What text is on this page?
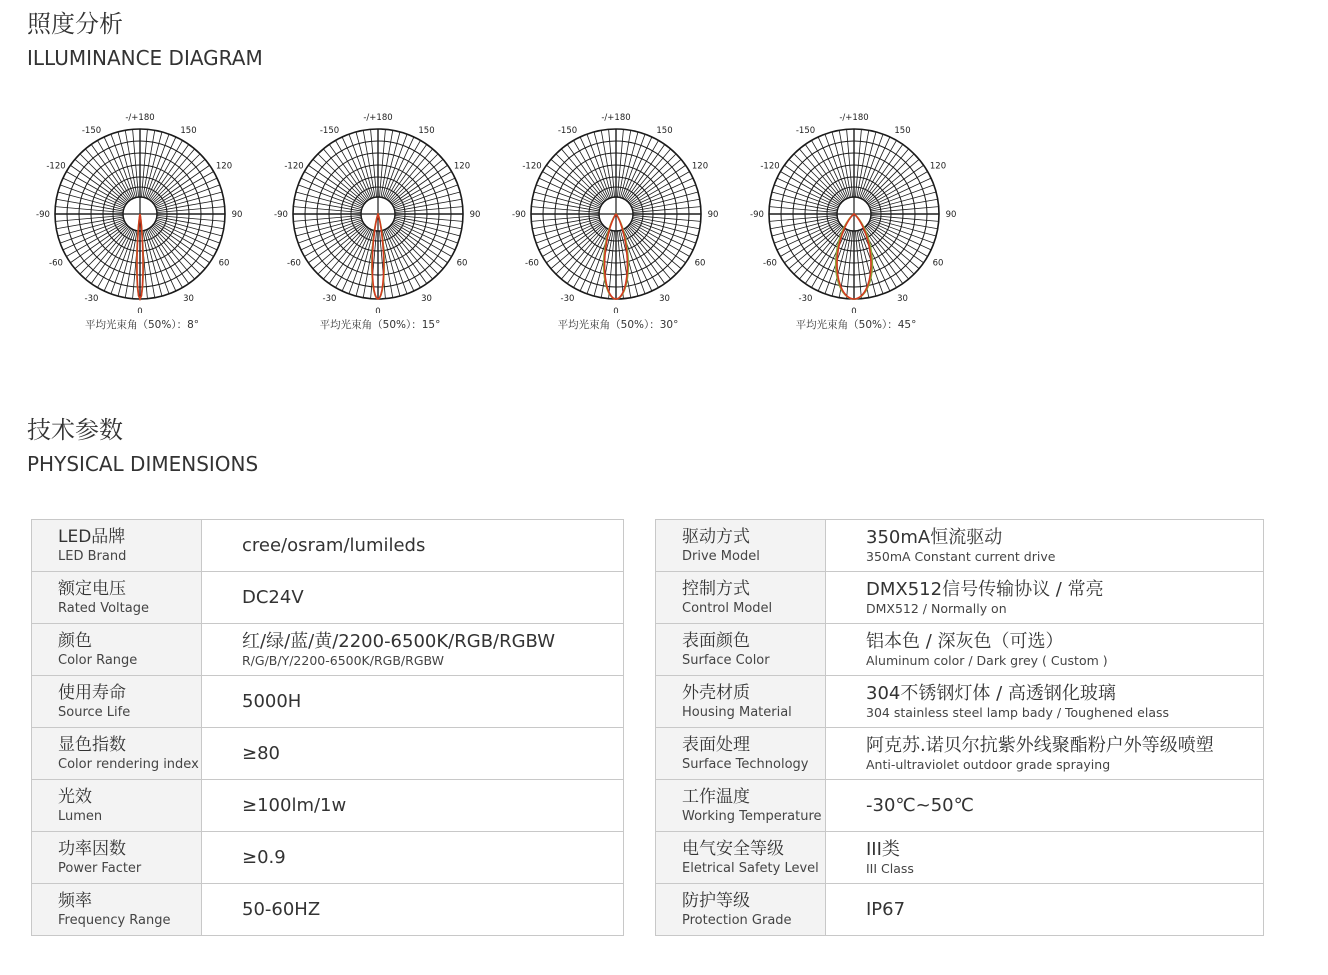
照度分析
ILLUMINANCE DIAGRAM
-/+180
150
-150
120
-120
90
-90
60
-60
30
-30
0
平均光束角（50%）：8°
-/+180
150
-150
120
-120
90
-90
60
-60
30
-30
0
平均光束角（50%）：15°
-/+180
150
-150
120
-120
90
-90
60
-60
30
-30
0
平均光束角（50%）：30°
-/+180
150
-150
120
-120
90
-90
60
-60
30
-30
0
平均光束角（50%）：45°
技术参数
PHYSICAL DIMENSIONS
LED品牌
LED Brand	cree/osram/lumileds

额定电压
Rated Voltage	DC24V

颜色
Color Range	红/绿/蓝/黄/2200-6500K/RGB/RGBW
R/G/B/Y/2200-6500K/RGB/RGBW

使用寿命
Source Life	5000H

显色指数
Color rendering index	≥80

光效
Lumen	≥100lm/1w

功率因数
Power Facter	≥0.9

频率
Frequency Range	50-60HZ
驱动方式
Drive Model	350mA恒流驱动
350mA Constant current drive

控制方式
Control Model	DMX512信号传输协议 / 常亮
DMX512 / Normally on

表面颜色
Surface Color	铝本色 / 深灰色（可选）
Aluminum color / Dark grey ( Custom )

外壳材质
Housing Material	304不锈钢灯体 / 高透钢化玻璃
304 stainless steel lamp bady / Toughened elass

表面处理
Surface Technology	阿克苏.诺贝尔抗紫外线聚酯粉户外等级喷塑
Anti-ultraviolet outdoor grade spraying

工作温度
Working Temperature	-30℃~50℃

电气安全等级
Eletrical Safety Level	III类
III Class

防护等级
Protection Grade	IP67
